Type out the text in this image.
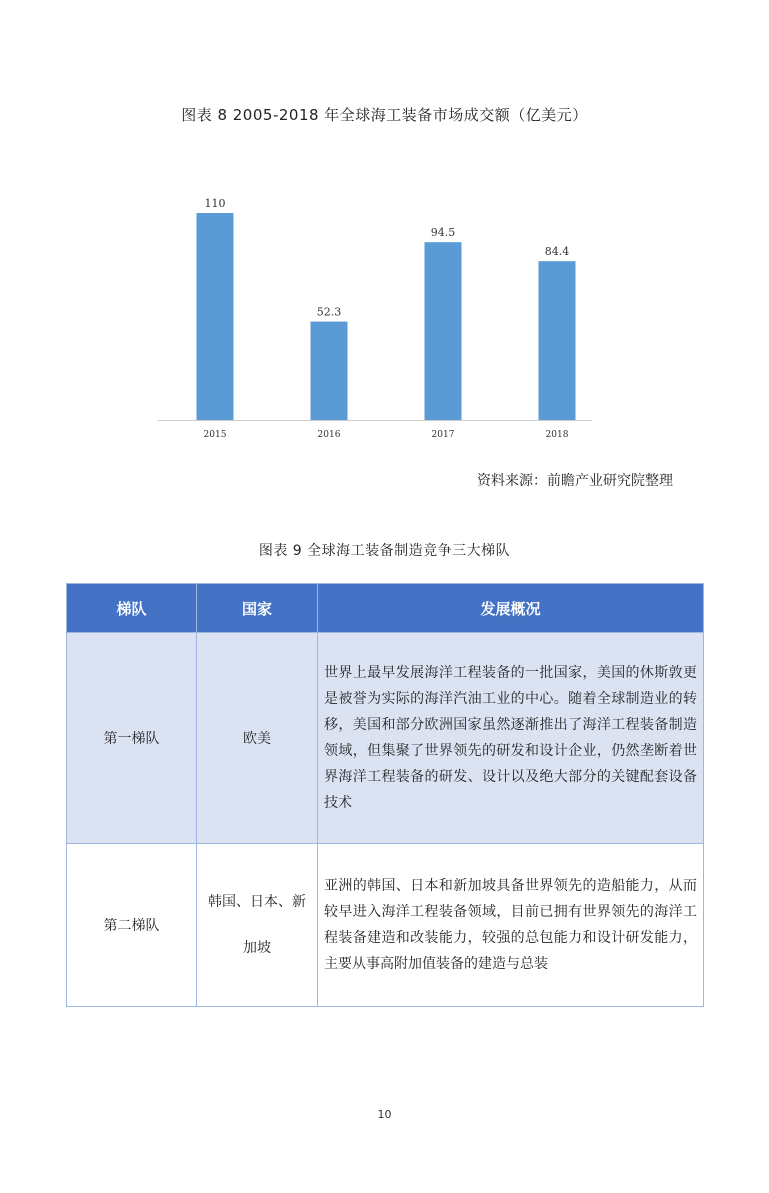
图表 8 2005-2018 年全球海工装备市场成交额（亿美元）
110
2015
52.3
2016
94.5
2017
84.4
2018
资料来源：前瞻产业研究院整理
图表 9 全球海工装备制造竞争三大梯队
梯队	国家	发展概况
第一梯队	欧美	世界上最早发展海洋工程装备的一批国家，美国的休斯敦更是被誉为实际的海洋汽油工业的中心。随着全球制造业的转移，美国和部分欧洲国家虽然逐渐推出了海洋工程装备制造领域，但集聚了世界领先的研发和设计企业，仍然垄断着世界海洋工程装备的研发、设计以及绝大部分的关键配套设备技术
第二梯队	韩国、日本、新加坡	亚洲的韩国、日本和新加坡具备世界领先的造船能力，从而较早进入海洋工程装备领域，目前已拥有世界领先的海洋工程装备建造和改装能力，较强的总包能力和设计研发能力，主要从事高附加值装备的建造与总装
10
